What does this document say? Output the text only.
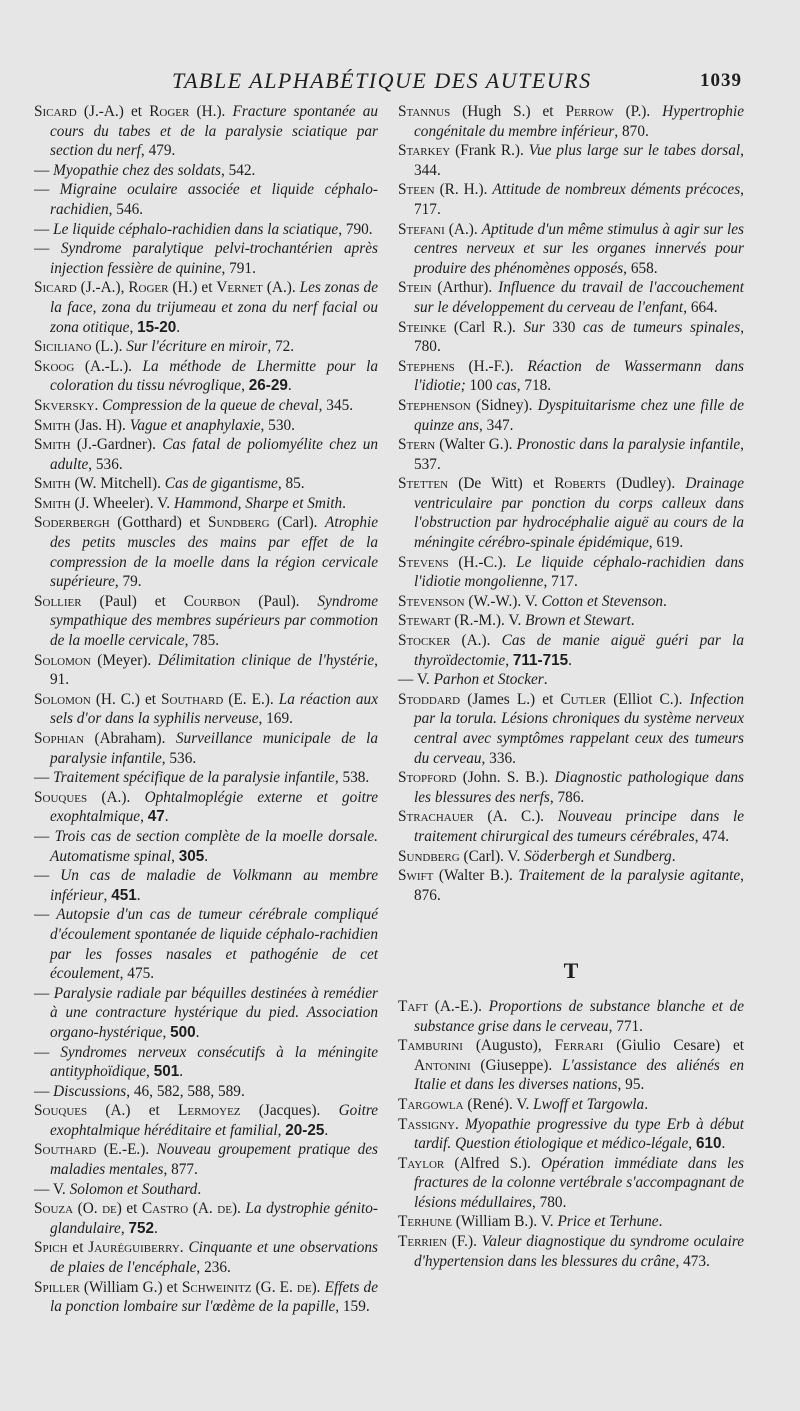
TABLE ALPHABÉTIQUE DES AUTEURS	1039

Sicard (J.-A.) et Roger (H.). Fracture spontanée au cours du tabes et de la paralysie sciatique par section du nerf, 479.

— Myopathie chez des soldats, 542.

— Migraine oculaire associée et liquide céphalo-rachidien, 546.

— Le liquide céphalo-rachidien dans la sciatique, 790.

— Syndrome paralytique pelvi-trochantérien après injection fessière de quinine, 791.

Sicard (J.-A.), Roger (H.) et Vernet (A.). Les zonas de la face, zona du trijumeau et zona du nerf facial ou zona otitique, 15-20.

Siciliano (L.). Sur l'écriture en miroir, 72.

Skoog (A.-L.). La méthode de Lhermitte pour la coloration du tissu névroglique, 26-29.

Skversky. Compression de la queue de cheval, 345.

Smith (Jas. H). Vague et anaphylaxie, 530.

Smith (J.-Gardner). Cas fatal de poliomyélite chez un adulte, 536.

Smith (W. Mitchell). Cas de gigantisme, 85.

Smith (J. Wheeler). V. Hammond, Sharpe et Smith.

Soderbergh (Gotthard) et Sundberg (Carl). Atrophie des petits muscles des mains par effet de la compression de la moelle dans la région cervicale supérieure, 79.

Sollier (Paul) et Courbon (Paul). Syndrome sympathique des membres supérieurs par commotion de la moelle cervicale, 785.

Solomon (Meyer). Délimitation clinique de l'hystérie, 91.

Solomon (H. C.) et Southard (E. E.). La réaction aux sels d'or dans la syphilis nerveuse, 169.

Sophian (Abraham). Surveillance municipale de la paralysie infantile, 536.

— Traitement spécifique de la paralysie infantile, 538.

Souques (A.). Ophtalmoplégie externe et goitre exophtalmique, 47.

— Trois cas de section complète de la moelle dorsale. Automatisme spinal, 305.

— Un cas de maladie de Volkmann au membre inférieur, 451.

— Autopsie d'un cas de tumeur cérébrale compliqué d'écoulement spontanée de liquide céphalo-rachidien par les fosses nasales et pathogénie de cet écoulement, 475.

— Paralysie radiale par béquilles destinées à remédier à une contracture hystérique du pied. Association organo-hystérique, 500.

— Syndromes nerveux consécutifs à la méningite antityphoïdique, 501.

— Discussions, 46, 582, 588, 589.

Souques (A.) et Lermoyez (Jacques). Goitre exophtalmique héréditaire et familial, 20-25.

Southard (E.-E.). Nouveau groupement pratique des maladies mentales, 877.

— V. Solomon et Southard.

Souza (O. de) et Castro (A. de). La dystrophie génito-glandulaire, 752.

Spich et Jauréguiberry. Cinquante et une observations de plaies de l'encéphale, 236.

Spiller (William G.) et Schweinitz (G. E. de). Effets de la ponction lombaire sur l'œdème de la papille, 159.

Stannus (Hugh S.) et Perrow (P.). Hypertrophie congénitale du membre inférieur, 870.

Starkey (Frank R.). Vue plus large sur le tabes dorsal, 344.

Steen (R. H.). Attitude de nombreux déments précoces, 717.

Stefani (A.). Aptitude d'un même stimulus à agir sur les centres nerveux et sur les organes innervés pour produire des phénomènes opposés, 658.

Stein (Arthur). Influence du travail de l'accouchement sur le développement du cerveau de l'enfant, 664.

Steinke (Carl R.). Sur 330 cas de tumeurs spinales, 780.

Stephens (H.-F.). Réaction de Wassermann dans l'idiotie; 100 cas, 718.

Stephenson (Sidney). Dyspituitarisme chez une fille de quinze ans, 347.

Stern (Walter G.). Pronostic dans la paralysie infantile, 537.

Stetten (De Witt) et Roberts (Dudley). Drainage ventriculaire par ponction du corps calleux dans l'obstruction par hydrocéphalie aiguë au cours de la méningite cérébro-spinale épidémique, 619.

Stevens (H.-C.). Le liquide céphalo-rachidien dans l'idiotie mongolienne, 717.

Stevenson (W.-W.). V. Cotton et Stevenson.

Stewart (R.-M.). V. Brown et Stewart.

Stocker (A.). Cas de manie aiguë guéri par la thyroïdectomie, 711-715.

— V. Parhon et Stocker.

Stoddard (James L.) et Cutler (Elliot C.). Infection par la torula. Lésions chroniques du système nerveux central avec symptômes rappelant ceux des tumeurs du cerveau, 336.

Stopford (John. S. B.). Diagnostic pathologique dans les blessures des nerfs, 786.

Strachauer (A. C.). Nouveau principe dans le traitement chirurgical des tumeurs cérébrales, 474.

Sundberg (Carl). V. Söderbergh et Sundberg.

Swift (Walter B.). Traitement de la paralysie agitante, 876.

T

Taft (A.-E.). Proportions de substance blanche et de substance grise dans le cerveau, 771.

Tamburini (Augusto), Ferrari (Giulio Cesare) et Antonini (Giuseppe). L'assistance des aliénés en Italie et dans les diverses nations, 95.

Targowla (René). V. Lwoff et Targowla.

Tassigny. Myopathie progressive du type Erb à début tardif. Question étiologique et médico-légale, 610.

Taylor (Alfred S.). Opération immédiate dans les fractures de la colonne vertébrale s'accompagnant de lésions médullaires, 780.

Terhune (William B.). V. Price et Terhune.

Terrien (F.). Valeur diagnostique du syndrome oculaire d'hypertension dans les blessures du crâne, 473.
